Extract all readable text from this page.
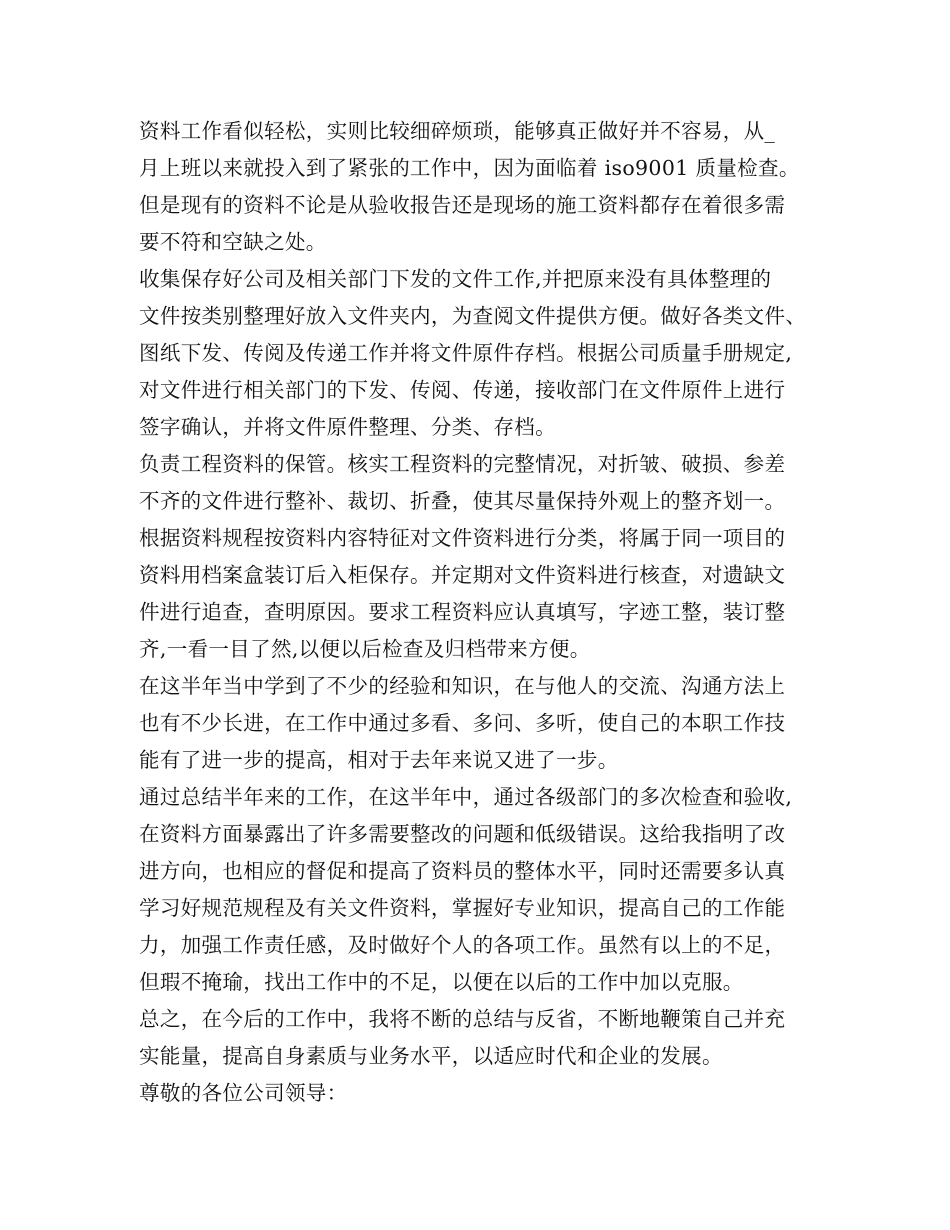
资料工作看似轻松，实则比较细碎烦琐，能够真正做好并不容易，从_
月上班以来就投入到了紧张的工作中，因为面临着 iso9001 质量检查。
但是现有的资料不论是从验收报告还是现场的施工资料都存在着很多需
要不符和空缺之处。
收集保存好公司及相关部门下发的文件工作,并把原来没有具体整理的
文件按类别整理好放入文件夹内，为查阅文件提供方便。做好各类文件、
图纸下发、传阅及传递工作并将文件原件存档。根据公司质量手册规定,
对文件进行相关部门的下发、传阅、传递，接收部门在文件原件上进行
签字确认，并将文件原件整理、分类、存档。
负责工程资料的保管。核实工程资料的完整情况，对折皱、破损、参差
不齐的文件进行整补、裁切、折叠，使其尽量保持外观上的整齐划一。
根据资料规程按资料内容特征对文件资料进行分类，将属于同一项目的
资料用档案盒装订后入柜保存。并定期对文件资料进行核查，对遗缺文
件进行追查，查明原因。要求工程资料应认真填写，字迹工整，装订整
齐,一看一目了然,以便以后检查及归档带来方便。
在这半年当中学到了不少的经验和知识，在与他人的交流、沟通方法上
也有不少长进，在工作中通过多看、多问、多听，使自己的本职工作技
能有了进一步的提高，相对于去年来说又进了一步。
通过总结半年来的工作，在这半年中，通过各级部门的多次检查和验收,
在资料方面暴露出了许多需要整改的问题和低级错误。这给我指明了改
进方向，也相应的督促和提高了资料员的整体水平，同时还需要多认真
学习好规范规程及有关文件资料，掌握好专业知识，提高自己的工作能
力，加强工作责任感，及时做好个人的各项工作。虽然有以上的不足，
但瑕不掩瑜，找出工作中的不足，以便在以后的工作中加以克服。
总之，在今后的工作中，我将不断的总结与反省，不断地鞭策自己并充
实能量，提高自身素质与业务水平，以适应时代和企业的发展。
尊敬的各位公司领导：
